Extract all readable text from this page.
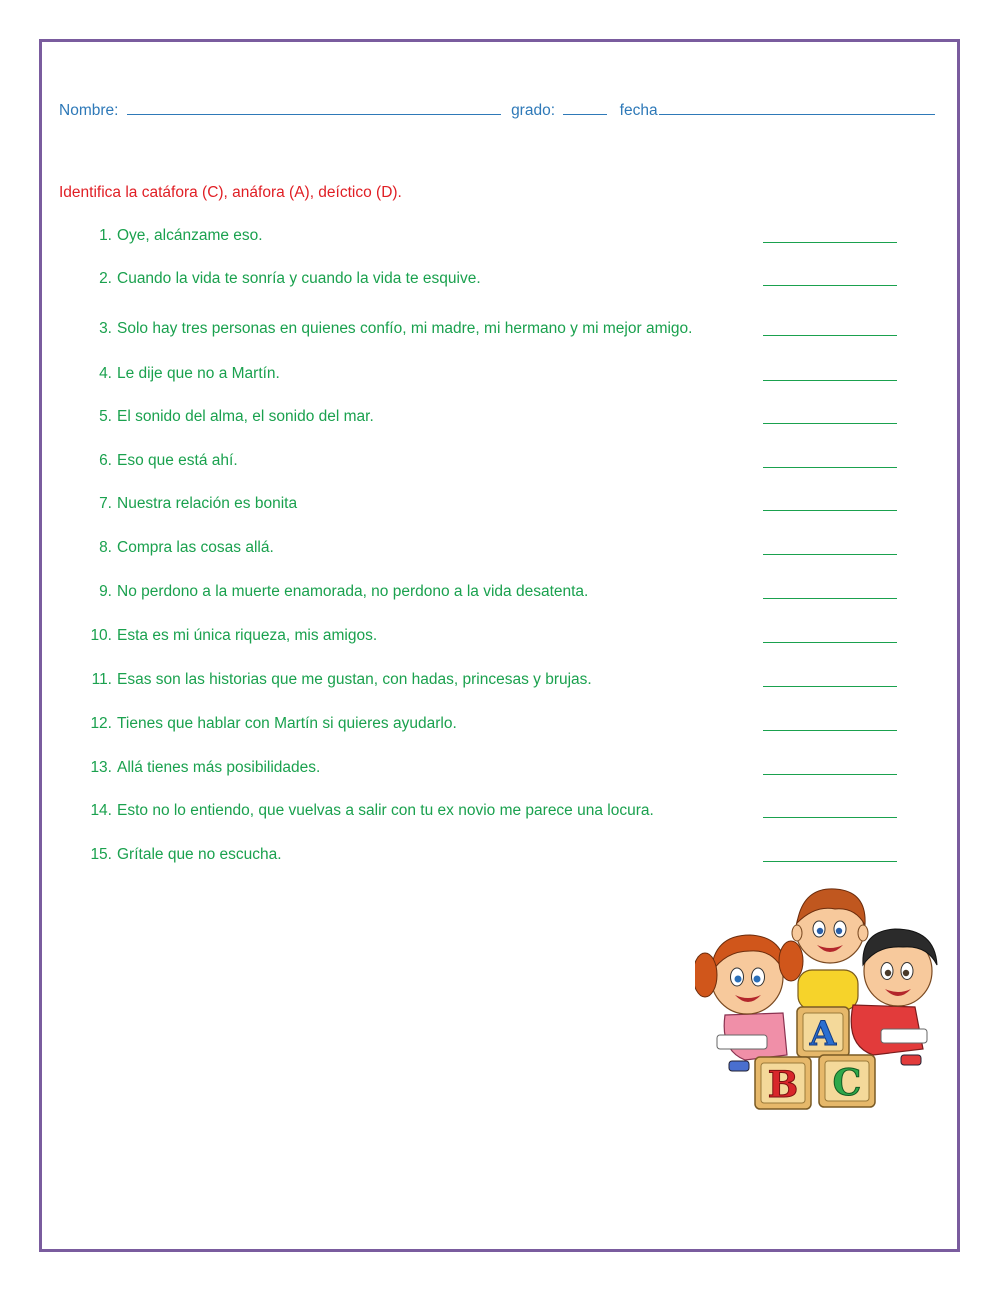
Nombre:	grado:	fecha
Identifica la catáfora (C), anáfora (A), deíctico (D).
1. Oye, alcánzame eso.
2. Cuando la vida te sonría y cuando la vida te esquive.
3. Solo hay tres personas en quienes confío, mi madre, mi hermano y mi mejor amigo.
4. Le dije que no a Martín.
5. El sonido del alma, el sonido del mar.
6. Eso que está ahí.
7. Nuestra relación es bonita
8. Compra las cosas allá.
9. No perdono a la muerte enamorada, no perdono a la vida desatenta.
10. Esta es mi única riqueza, mis amigos.
11. Esas son las historias que me gustan, con hadas, princesas y brujas.
12. Tienes que hablar con Martín si quieres ayudarlo.
13. Allá tienes más posibilidades.
14. Esto no lo entiendo, que vuelvas a salir con tu ex novio me parece una locura.
15. Grítale que no escucha.
A
B C
